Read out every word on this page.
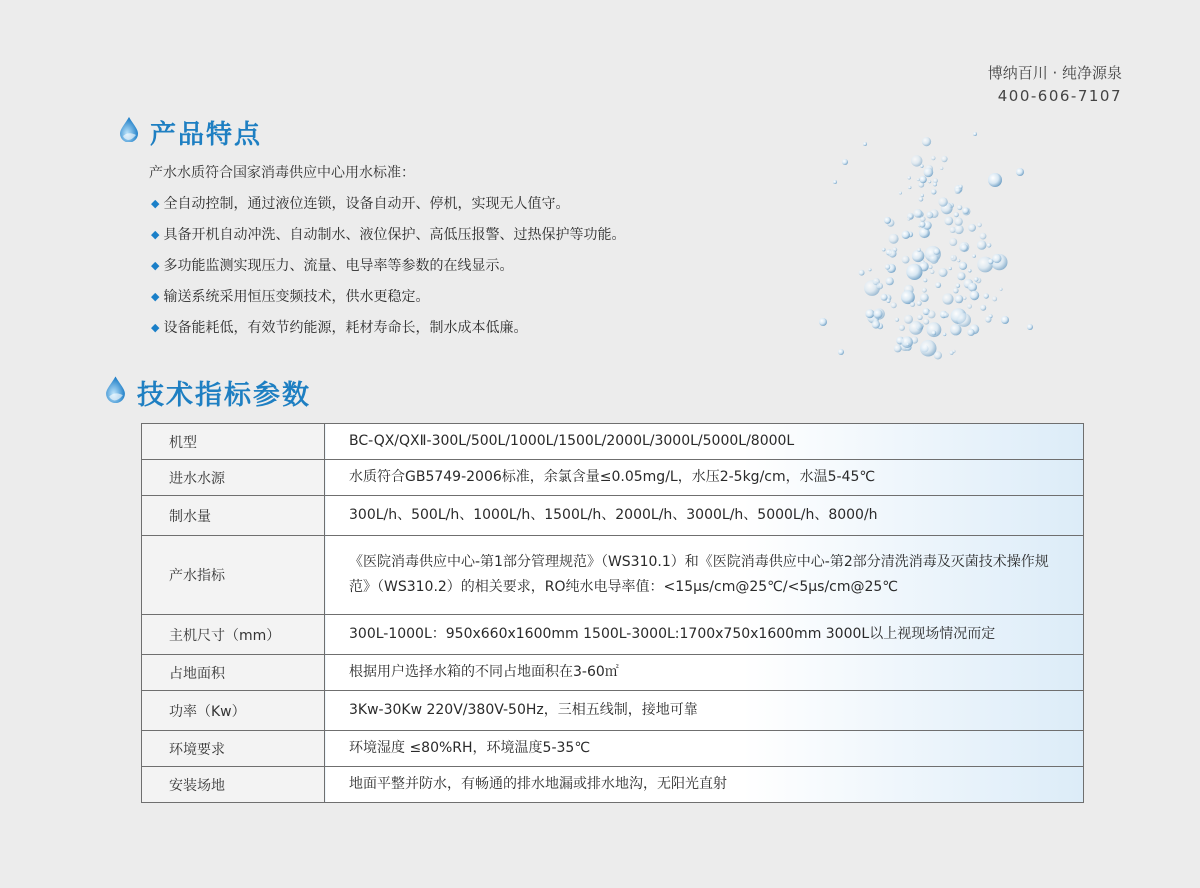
博纳百川 · 纯净源泉
400-606-7107
产品特点
产水水质符合国家消毒供应中心用水标准：
◆ 全自动控制，通过液位连锁，设备自动开、停机，实现无人值守。
◆ 具备开机自动冲洗、自动制水、液位保护、高低压报警、过热保护等功能。
◆ 多功能监测实现压力、流量、电导率等参数的在线显示。
◆ 输送系统采用恒压变频技术，供水更稳定。
◆ 设备能耗低，有效节约能源，耗材寿命长，制水成本低廉。
技术指标参数
机型	BC-QX/QXⅡ-300L/500L/1000L/1500L/2000L/3000L/5000L/8000L
进水水源	水质符合GB5749-2006标准，余氯含量≤0.05mg/L，水压2-5kg/cm，水温5-45℃
制水量	300L/h、500L/h、1000L/h、1500L/h、2000L/h、3000L/h、5000L/h、8000/h
产水指标	《医院消毒供应中心-第1部分管理规范》（WS310.1）和《医院消毒供应中心-第2部分清洗消毒及灭菌技术操作规范》（WS310.2）的相关要求，RO纯水电导率值：<15μs/cm@25℃/<5μs/cm@25℃
主机尺寸（mm）	300L-1000L：950x660x1600mm 1500L-3000L:1700x750x1600mm 3000L以上视现场情况而定
占地面积	根据用户选择水箱的不同占地面积在3-60㎡
功率（Kw）	3Kw-30Kw 220V/380V-50Hz，三相五线制，接地可靠
环境要求	环境湿度 ≤80%RH，环境温度5-35℃
安装场地	地面平整并防水，有畅通的排水地漏或排水地沟，无阳光直射
